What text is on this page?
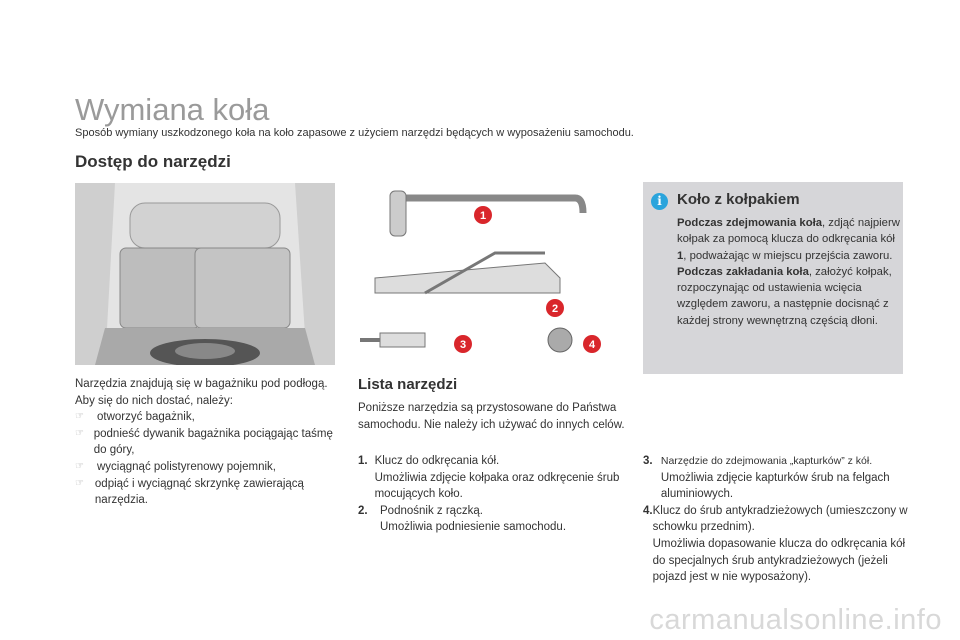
Wymiana koła
Sposób wymiany uszkodzonego koła na koło zapasowe z użyciem narzędzi będących w wyposażeniu samochodu.
Dostęp do narzędzi
1
2
3	4
i	Koło z kołpakiem
Podczas zdejmowania koła, zdjąć najpierw kołpak za pomocą klucza do odkręcania kół 1, podważając w miejscu przejścia zaworu.
Podczas zakładania koła, założyć kołpak, rozpoczynając od ustawienia wcięcia względem zaworu, a następnie docisnąć z każdej strony wewnętrzną częścią dłoni.
Narzędzia znajdują się w bagażniku pod podłogą.
Aby się do nich dostać, należy:
☞	otworzyć bagażnik,
☞ podnieść dywanik bagażnika pociągając taśmę do góry,
☞	wyciągnąć polistyrenowy pojemnik,
☞ odpiąć i wyciągnąć skrzynkę zawierającą narzędzia.
Lista narzędzi
Poniższe narzędzia są przystosowane do Państwa samochodu. Nie należy ich używać do innych celów.
1. Klucz do odkręcania kół.
Umożliwia zdjęcie kołpaka oraz odkręcenie śrub mocujących koło.
2.	Podnośnik z rączką.
Umożliwia podniesienie samochodu.
3. Narzędzie do zdejmowania „kapturków” z kół.
Umożliwia zdjęcie kapturków śrub na felgach aluminiowych.
4. Klucz do śrub antykradzieżowych (umieszczony w schowku przednim).
Umożliwia dopasowanie klucza do odkręcania kół do specjalnych śrub antykradzieżowych (jeżeli pojazd jest w nie wyposażony).
carmanualsonline.info
